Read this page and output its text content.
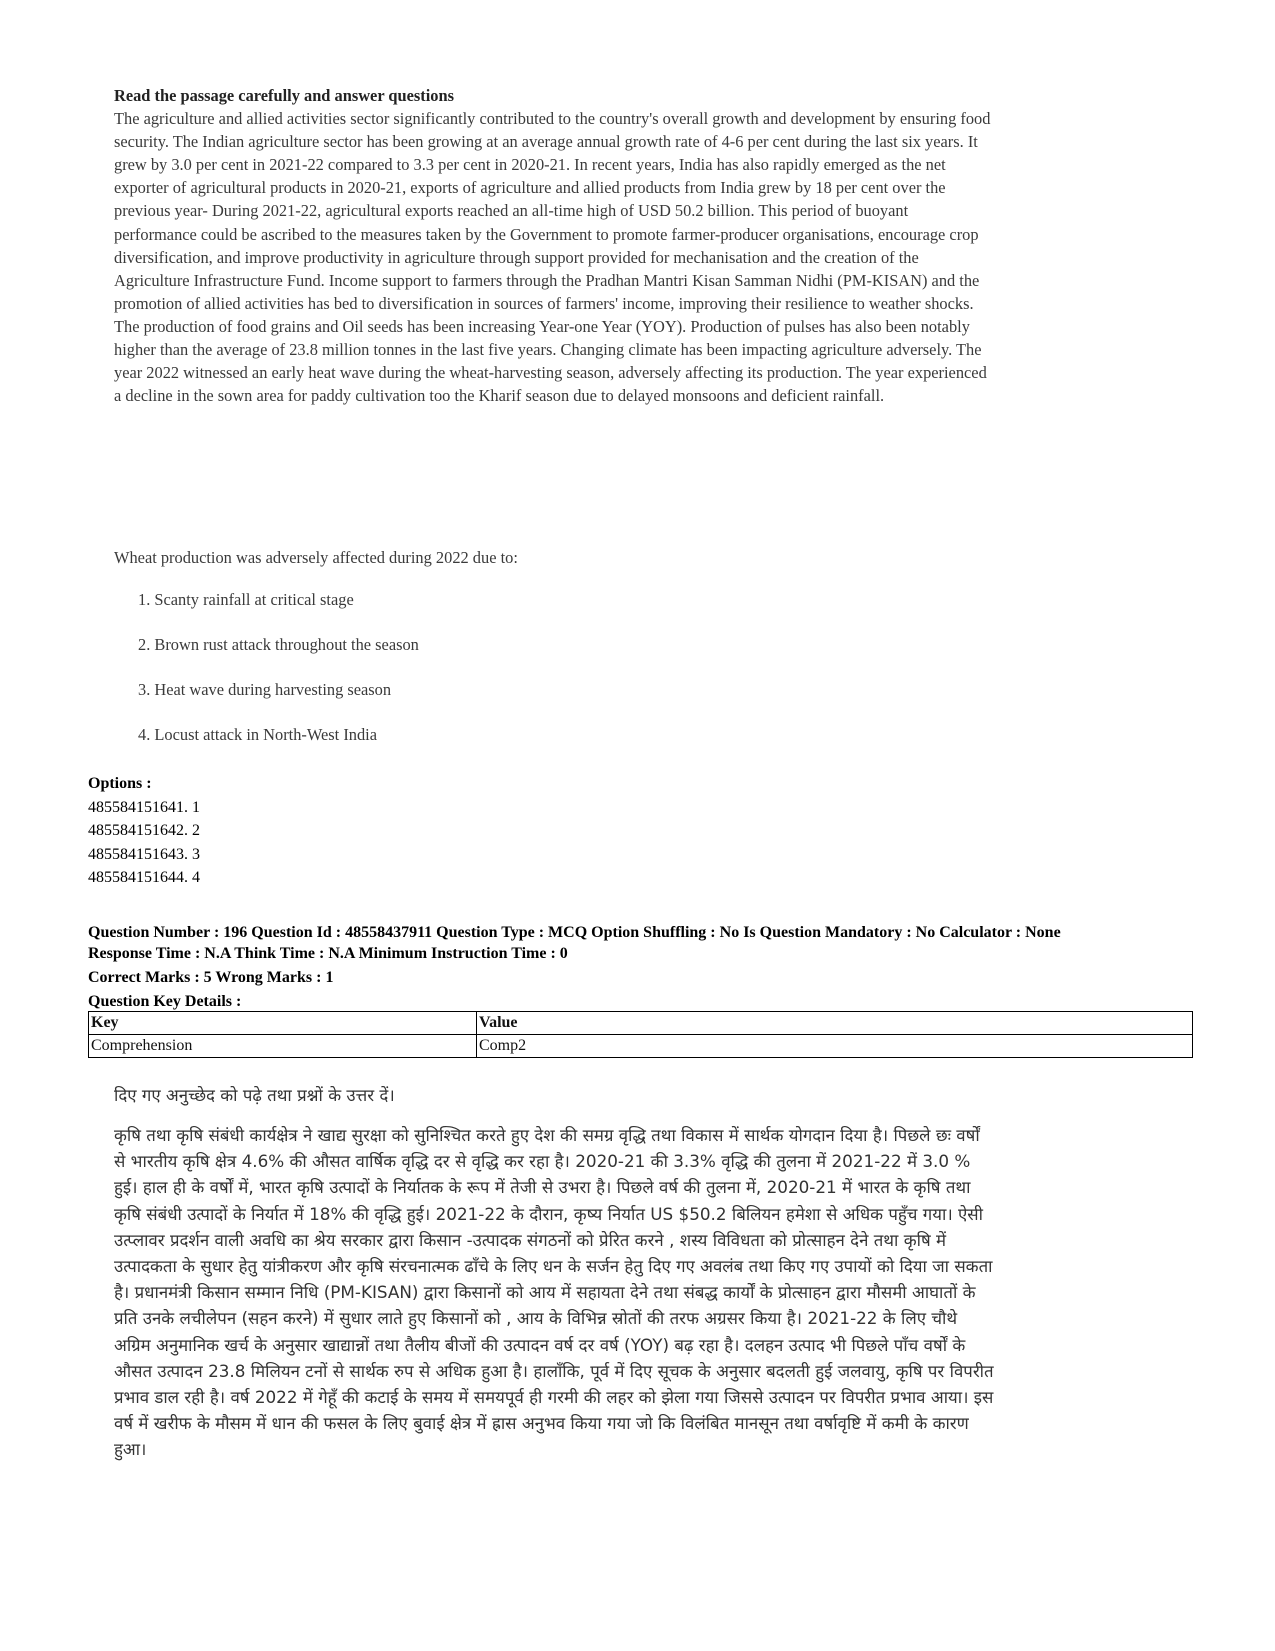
Read the passage carefully and answer questions

The agriculture and allied activities sector significantly contributed to the country's overall growth and development by ensuring food security. The Indian agriculture sector has been growing at an average annual growth rate of 4-6 per cent during the last six years. It grew by 3.0 per cent in 2021-22 compared to 3.3 per cent in 2020-21. In recent years, India has also rapidly emerged as the net exporter of agricultural products in 2020-21, exports of agriculture and allied products from India grew by 18 per cent over the previous year- During 2021-22, agricultural exports reached an all-time high of USD 50.2 billion. This period of buoyant performance could be ascribed to the measures taken by the Government to promote farmer-producer organisations, encourage crop diversification, and improve productivity in agriculture through support provided for mechanisation and the creation of the Agriculture Infrastructure Fund. Income support to farmers through the Pradhan Mantri Kisan Samman Nidhi (PM-KISAN) and the promotion of allied activities has bed to diversification in sources of farmers' income, improving their resilience to weather shocks. The production of food grains and Oil seeds has been increasing Year-one Year (YOY). Production of pulses has also been notably higher than the average of 23.8 million tonnes in the last five years. Changing climate has been impacting agriculture adversely. The year 2022 witnessed an early heat wave during the wheat-harvesting season, adversely affecting its production. The year experienced a decline in the sown area for paddy cultivation too the Kharif season due to delayed monsoons and deficient rainfall.

Wheat production was adversely affected during 2022 due to:
1. Scanty rainfall at critical stage
2. Brown rust attack throughout the season
3. Heat wave during harvesting season
4. Locust attack in North-West India
Options :
485584151641. 1
485584151642. 2
485584151643. 3
485584151644. 4
Question Number : 196 Question Id : 48558437911 Question Type : MCQ Option Shuffling : No Is Question Mandatory : No Calculator : None
Response Time : N.A Think Time : N.A Minimum Instruction Time : 0
Correct Marks : 5 Wrong Marks : 1
Question Key Details :
Key	Value
Comprehension	Comp2
दिए गए अनुच्छेद को पढ़े तथा प्रश्नों के उत्तर दें।

कृषि तथा कृषि संबंधी कार्यक्षेत्र ने खाद्य सुरक्षा को सुनिश्चित करते हुए देश की समग्र वृद्धि तथा विकास में सार्थक योगदान दिया है। पिछले छः वर्षों से भारतीय कृषि क्षेत्र 4.6% की औसत वार्षिक वृद्धि दर से वृद्धि कर रहा है। 2020-21 की 3.3% वृद्धि की तुलना में 2021-22 में 3.0 % हुई। हाल ही के वर्षों में, भारत कृषि उत्पादों के निर्यातक के रूप में तेजी से उभरा है। पिछले वर्ष की तुलना में, 2020-21 में भारत के कृषि तथा कृषि संबंधी उत्पादों के निर्यात में 18% की वृद्धि हुई। 2021-22 के दौरान, कृष्य निर्यात US $50.2 बिलियन हमेशा से अधिक पहुँच गया। ऐसी उत्प्लावर प्रदर्शन वाली अवधि का श्रेय सरकार द्वारा किसान -उत्पादक संगठनों को प्रेरित करने , शस्य विविधता को प्रोत्साहन देने तथा कृषि में उत्पादकता के सुधार हेतु यांत्रीकरण और कृषि संरचनात्मक ढाँचे के लिए धन के सर्जन हेतु दिए गए अवलंब तथा किए गए उपायों को दिया जा सकता है। प्रधानमंत्री किसान सम्मान निधि (PM-KISAN) द्वारा किसानों को आय में सहायता देने तथा संबद्ध कार्यों के प्रोत्साहन द्वारा मौसमी आघातों के प्रति उनके लचीलेपन (सहन करने) में सुधार लाते हुए किसानों को , आय के विभिन्न स्रोतों की तरफ अग्रसर किया है। 2021-22 के लिए चौथे अग्रिम अनुमानिक खर्च के अनुसार खाद्यान्नों तथा तैलीय बीजों की उत्पादन वर्ष दर वर्ष (YOY) बढ़ रहा है। दलहन उत्पाद भी पिछले पाँच वर्षों के औसत उत्पादन 23.8 मिलियन टनों से सार्थक रुप से अधिक हुआ है। हालाँकि, पूर्व में दिए सूचक के अनुसार बदलती हुई जलवायु, कृषि पर विपरीत प्रभाव डाल रही है। वर्ष 2022 में गेहूँ की कटाई के समय में समयपूर्व ही गरमी की लहर को झेला गया जिससे उत्पादन पर विपरीत प्रभाव आया। इस वर्ष में खरीफ के मौसम में धान की फसल के लिए बुवाई क्षेत्र में ह्रास अनुभव किया गया जो कि विलंबित मानसून तथा वर्षावृष्टि में कमी के कारण हुआ।
